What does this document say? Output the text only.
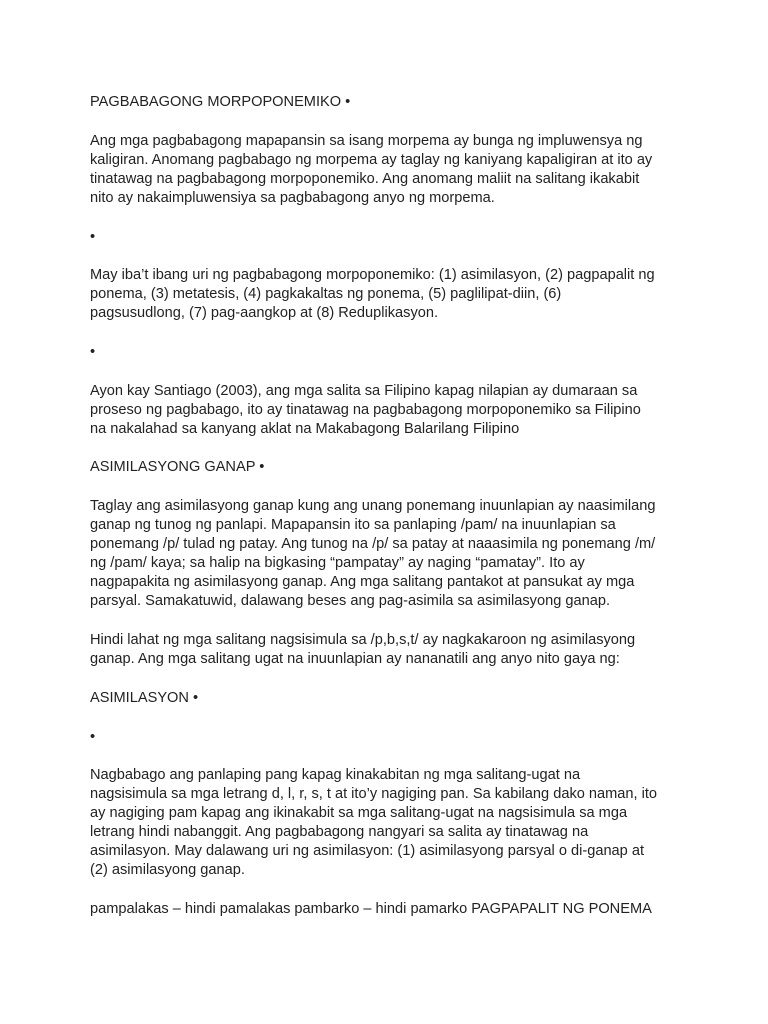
PAGBABAGONG MORPOPONEMIKO •
Ang mga pagbabagong mapapansin sa isang morpema ay bunga ng impluwensya ng
kaligiran. Anomang pagbabago ng morpema ay taglay ng kaniyang kapaligiran at ito ay
tinatawag na pagbabagong morpoponemiko. Ang anomang maliit na salitang ikakabit
nito ay nakaimpluwensiya sa pagbabagong anyo ng morpema.
•
May iba’t ibang uri ng pagbabagong morpoponemiko: (1) asimilasyon, (2) pagpapalit ng
ponema, (3) metatesis, (4) pagkakaltas ng ponema, (5) paglilipat-diin, (6)
pagsusudlong, (7) pag-aangkop at (8) Reduplikasyon.
•
Ayon kay Santiago (2003), ang mga salita sa Filipino kapag nilapian ay dumaraan sa
proseso ng pagbabago, ito ay tinatawag na pagbabagong morpoponemiko sa Filipino
na nakalahad sa kanyang aklat na Makabagong Balarilang Filipino
ASIMILASYONG GANAP •
Taglay ang asimilasyong ganap kung ang unang ponemang inuunlapian ay naasimilang
ganap ng tunog ng panlapi. Mapapansin ito sa panlaping /pam/ na inuunlapian sa
ponemang /p/ tulad ng patay. Ang tunog na /p/ sa patay at naaasimila ng ponemang /m/
ng /pam/ kaya; sa halip na bigkasing “pampatay” ay naging “pamatay”. Ito ay
nagpapakita ng asimilasyong ganap. Ang mga salitang pantakot at pansukat ay mga
parsyal. Samakatuwid, dalawang beses ang pag-asimila sa asimilasyong ganap.
Hindi lahat ng mga salitang nagsisimula sa /p,b,s,t/ ay nagkakaroon ng asimilasyong
ganap. Ang mga salitang ugat na inuunlapian ay nananatili ang anyo nito gaya ng:
ASIMILASYON •
•
Nagbabago ang panlaping pang kapag kinakabitan ng mga salitang-ugat na
nagsisimula sa mga letrang d, l, r, s, t at ito’y nagiging pan. Sa kabilang dako naman, ito
ay nagiging pam kapag ang ikinakabit sa mga salitang-ugat na nagsisimula sa mga
letrang hindi nabanggit. Ang pagbabagong nangyari sa salita ay tinatawag na
asimilasyon. May dalawang uri ng asimilasyon: (1) asimilasyong parsyal o di-ganap at
(2) asimilasyong ganap.
pampalakas – hindi pamalakas pambarko – hindi pamarko PAGPAPALIT NG PONEMA
